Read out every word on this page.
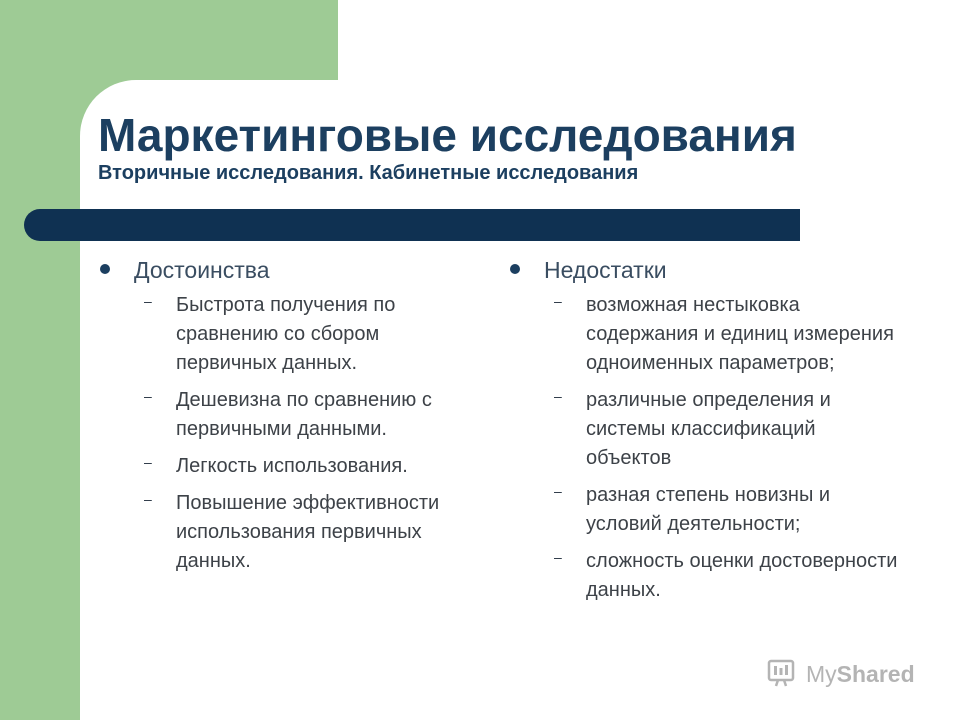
Маркетинговые исследования
Вторичные исследования. Кабинетные исследования
Достоинства
– Быстрота получения по сравнению со сбором первичных данных.
– Дешевизна по сравнению с первичными данными.
– Легкость использования.
– Повышение эффективности использования первичных данных.
Недостатки
– возможная нестыковка содержания и единиц измерения одноименных параметров;
– различные определения и системы классификаций объектов
– разная степень новизны и условий деятельности;
– сложность оценки достоверности данных.
MyShared
